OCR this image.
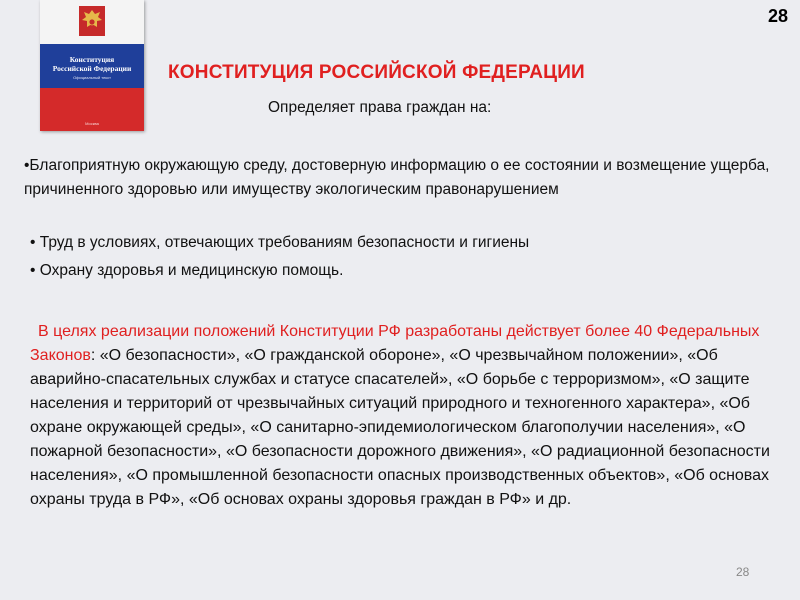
28
Конституция
Российской Федерации
Официальный текст
Москва
КОНСТИТУЦИЯ РОССИЙСКОЙ ФЕДЕРАЦИИ
Определяет права граждан на:
•Благоприятную окружающую среду, достоверную информацию о ее состоянии и возмещение ущерба, причиненного здоровью или имуществу экологическим правонарушением
• Труд в условиях, отвечающих требованиям безопасности и гигиены
• Охрану здоровья и медицинскую помощь.
В целях реализации положений Конституции РФ разработаны действует более 40 Федеральных Законов: «О безопасности», «О гражданской обороне», «О чрезвычайном положении», «Об аварийно-спасательных службах и статусе спасателей», «О борьбе с терроризмом», «О защите населения и территорий от чрезвычайных ситуаций природного и техногенного характера», «Об охране окружающей среды», «О санитарно-эпидемиологическом благополучии населения», «О пожарной безопасности», «О безопасности дорожного движения», «О радиационной безопасности населения», «О промышленной безопасности опасных производственных объектов», «Об основах охраны труда в РФ», «Об основах охраны здоровья граждан в РФ» и др.
28
